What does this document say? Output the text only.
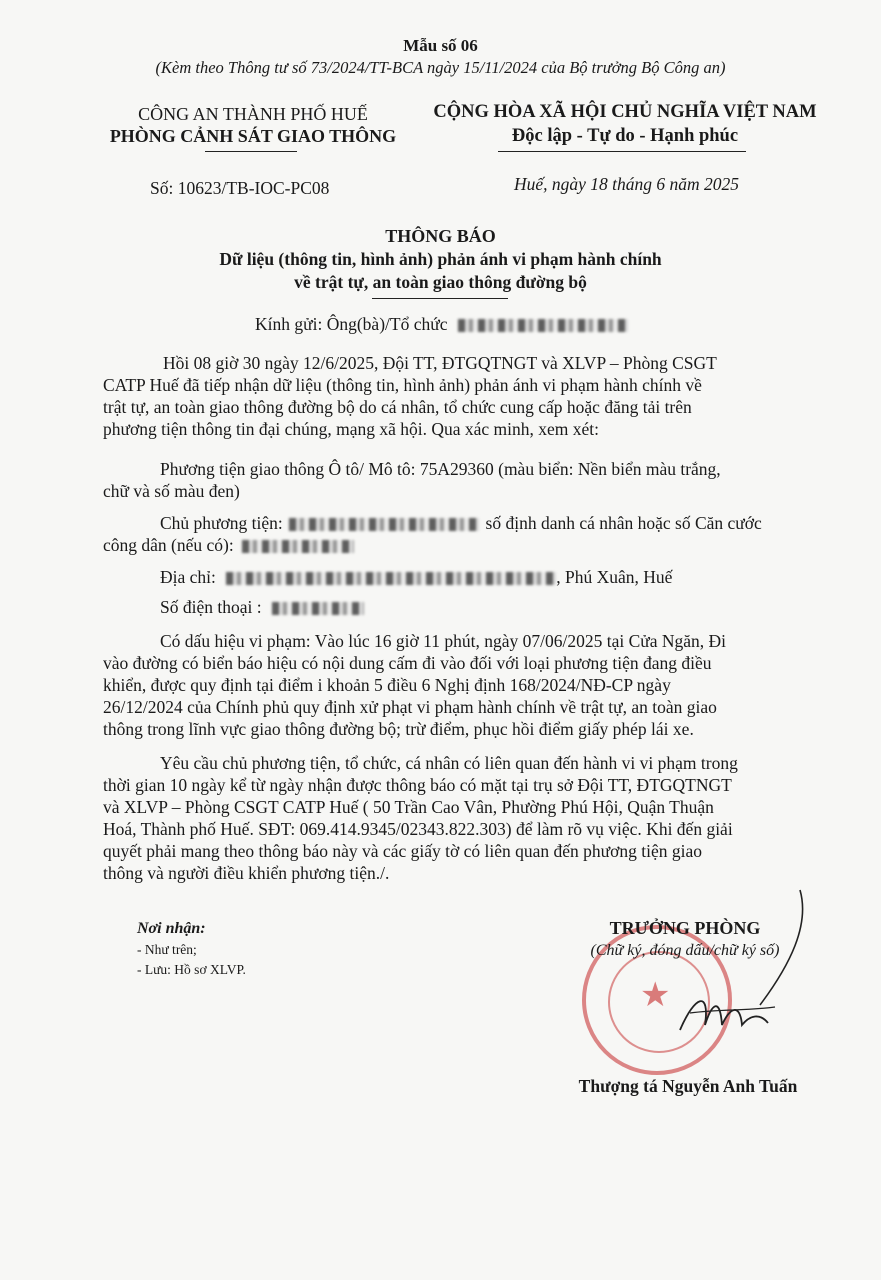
Mẫu số 06
(Kèm theo Thông tư số 73/2024/TT-BCA ngày 15/11/2024 của Bộ trưởng Bộ Công an)
CÔNG AN THÀNH PHỐ HUẾ
PHÒNG CẢNH SÁT GIAO THÔNG
CỘNG HÒA XÃ HỘI CHỦ NGHĨA VIỆT NAM
Độc lập - Tự do - Hạnh phúc
Số: 10623/TB-IOC-PC08	Huế, ngày 18 tháng 6 năm 2025
THÔNG BÁO
Dữ liệu (thông tin, hình ảnh) phản ánh vi phạm hành chính
về trật tự, an toàn giao thông đường bộ
Kính gửi: Ông(bà)/Tổ chức
Hồi 08 giờ 30 ngày 12/6/2025, Đội TT, ĐTGQTNGT và XLVP – Phòng CSGT
CATP Huế đã tiếp nhận dữ liệu (thông tin, hình ảnh) phản ánh vi phạm hành chính về
trật tự, an toàn giao thông đường bộ do cá nhân, tổ chức cung cấp hoặc đăng tải trên
phương tiện thông tin đại chúng, mạng xã hội. Qua xác minh, xem xét:
Phương tiện giao thông Ô tô/ Mô tô: 75A29360 (màu biển: Nền biển màu trắng,
chữ và số màu đen)
Chủ phương tiện:	số định danh cá nhân hoặc số Căn cước
công dân (nếu có):
Địa chỉ:	, Phú Xuân, Huế
Số điện thoại :
Có dấu hiệu vi phạm: Vào lúc 16 giờ 11 phút, ngày 07/06/2025 tại Cửa Ngăn, Đi
vào đường có biển báo hiệu có nội dung cấm đi vào đối với loại phương tiện đang điều
khiển, được quy định tại điểm i khoản 5 điều 6 Nghị định 168/2024/NĐ-CP ngày
26/12/2024 của Chính phủ quy định xử phạt vi phạm hành chính về trật tự, an toàn giao
thông trong lĩnh vực giao thông đường bộ; trừ điểm, phục hồi điểm giấy phép lái xe.
Yêu cầu chủ phương tiện, tổ chức, cá nhân có liên quan đến hành vi vi phạm trong
thời gian 10 ngày kể từ ngày nhận được thông báo có mặt tại trụ sở Đội TT, ĐTGQTNGT
và XLVP – Phòng CSGT CATP Huế ( 50 Trần Cao Vân, Phường Phú Hội, Quận Thuận
Hoá, Thành phố Huế. SĐT: 069.414.9345/02343.822.303) để làm rõ vụ việc. Khi đến giải
quyết phải mang theo thông báo này và các giấy tờ có liên quan đến phương tiện giao
thông và người điều khiển phương tiện./.
Nơi nhận:
- Như trên;
- Lưu: Hồ sơ XLVP.
★
TRƯỞNG PHÒNG
(Chữ ký, đóng dấu/chữ ký số)
Thượng tá Nguyễn Anh Tuấn
